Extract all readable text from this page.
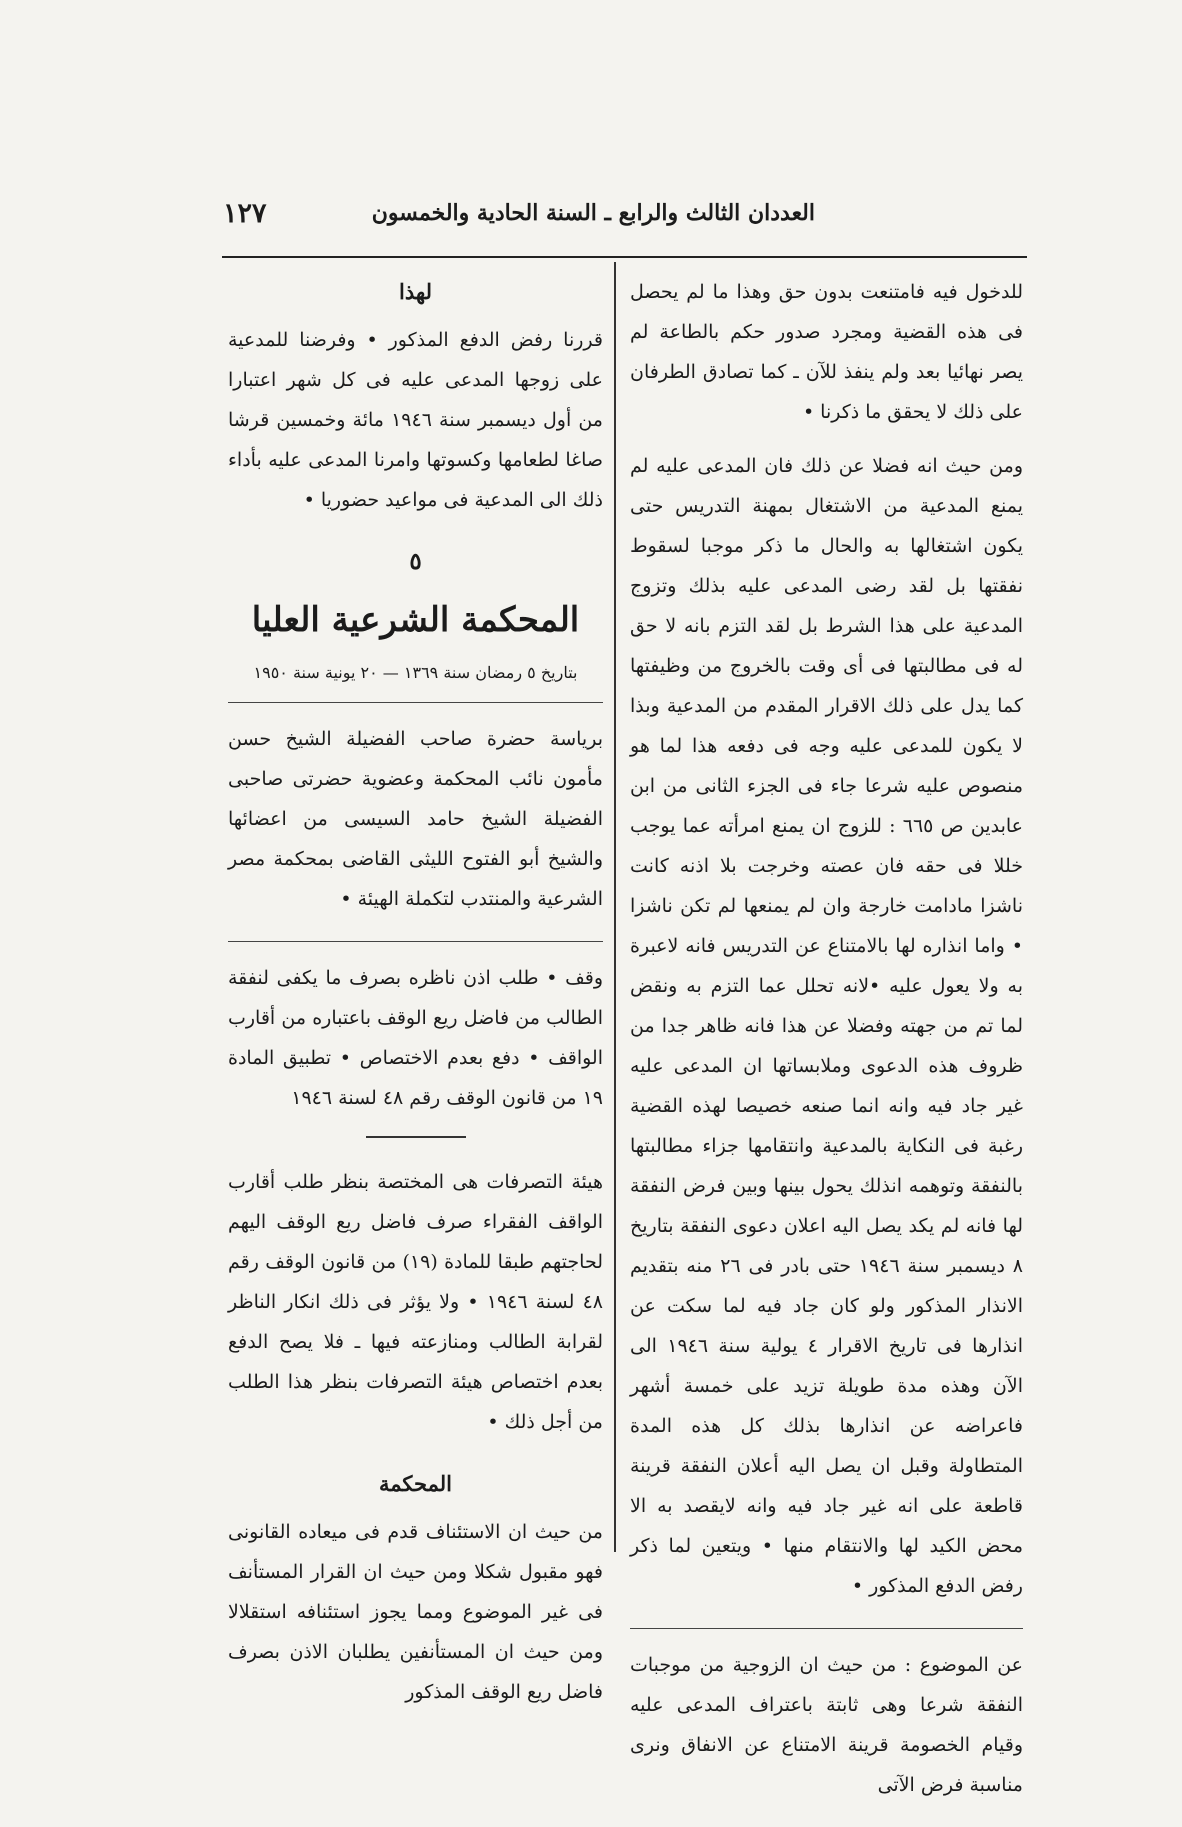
١٢٧	العددان الثالث والرابع ـ السنة الحادية والخمسون

للدخول فيه فامتنعت بدون حق وهذا ما لم يحصل فى هذه القضية ومجرد صدور حكم بالطاعة لم يصر نهائيا بعد ولم ينفذ للآن ـ كما تصادق الطرفان على ذلك لا يحقق ما ذكرنا •

ومن حيث انه فضلا عن ذلك فان المدعى عليه لم يمنع المدعية من الاشتغال بمهنة التدريس حتى يكون اشتغالها به والحال ما ذكر موجبا لسقوط نفقتها بل لقد رضى المدعى عليه بذلك وتزوج المدعية على هذا الشرط بل لقد التزم بانه لا حق له فى مطالبتها فى أى وقت بالخروج من وظيفتها كما يدل على ذلك الاقرار المقدم من المدعية وبذا لا يكون للمدعى عليه وجه فى دفعه هذا لما هو منصوص عليه شرعا جاء فى الجزء الثانى من ابن عابدين ص ٦٦٥ : للزوج ان يمنع امرأته عما يوجب خللا فى حقه فان عصته وخرجت بلا اذنه كانت ناشزا مادامت خارجة وان لم يمنعها لم تكن ناشزا • واما انذاره لها بالامتناع عن التدريس فانه لاعبرة به ولا يعول عليه •لانه تحلل عما التزم به ونقض لما تم من جهته وفضلا عن هذا فانه ظاهر جدا من ظروف هذه الدعوى وملابساتها ان المدعى عليه غير جاد فيه وانه انما صنعه خصيصا لهذه القضية رغبة فى النكاية بالمدعية وانتقامها جزاء مطالبتها بالنفقة وتوهمه انذلك يحول بينها وبين فرض النفقة لها فانه لم يكد يصل اليه اعلان دعوى النفقة بتاريخ ٨ ديسمبر سنة ١٩٤٦ حتى بادر فى ٢٦ منه بتقديم الانذار المذكور ولو كان جاد فيه لما سكت عن انذارها فى تاريخ الاقرار ٤ يولية سنة ١٩٤٦ الى الآن وهذه مدة طويلة تزيد على خمسة أشهر فاعراضه عن انذارها بذلك كل هذه المدة المتطاولة وقبل ان يصل اليه أعلان النفقة قرينة قاطعة على انه غير جاد فيه وانه لايقصد به الا محض الكيد لها والانتقام منها • ويتعين لما ذكر رفض الدفع المذكور •

عن الموضوع : من حيث ان الزوجية من موجبات النفقة شرعا وهى ثابتة باعتراف المدعى عليه وقيام الخصومة قرينة الامتناع عن الانفاق ونرى مناسبة فرض الآتى

لهذا

قررنا رفض الدفع المذكور • وفرضنا للمدعية على زوجها المدعى عليه فى كل شهر اعتبارا من أول ديسمبر سنة ١٩٤٦ مائة وخمسين قرشا صاغا لطعامها وكسوتها وامرنا المدعى عليه بأداء ذلك الى المدعية فى مواعيد حضوريا •

٥
المحكمة الشرعية العليا
بتاريخ ٥ رمضان سنة ١٣٦٩ — ٢٠ يونية سنة ١٩٥٠

برياسة حضرة صاحب الفضيلة الشيخ حسن مأمون نائب المحكمة وعضوية حضرتى صاحبى الفضيلة الشيخ حامد السيسى من اعضائها والشيخ أبو الفتوح الليثى القاضى بمحكمة مصر الشرعية والمنتدب لتكملة الهيئة •

وقف • طلب اذن ناظره بصرف ما يكفى لنفقة الطالب من فاضل ريع الوقف باعتباره من أقارب الواقف • دفع بعدم الاختصاص • تطبيق المادة ١٩ من قانون الوقف رقم ٤٨ لسنة ١٩٤٦

هيئة التصرفات هى المختصة بنظر طلب أقارب الواقف الفقراء صرف فاضل ريع الوقف اليهم لحاجتهم طبقا للمادة (١٩) من قانون الوقف رقم ٤٨ لسنة ١٩٤٦ • ولا يؤثر فى ذلك انكار الناظر لقرابة الطالب ومنازعته فيها ـ فلا يصح الدفع بعدم اختصاص هيئة التصرفات بنظر هذا الطلب من أجل ذلك •

المحكمة

من حيث ان الاستئناف قدم فى ميعاده القانونى فهو مقبول شكلا ومن حيث ان القرار المستأنف فى غير الموضوع ومما يجوز استئنافه استقلالا ومن حيث ان المستأنفين يطلبان الاذن بصرف فاضل ريع الوقف المذكور
